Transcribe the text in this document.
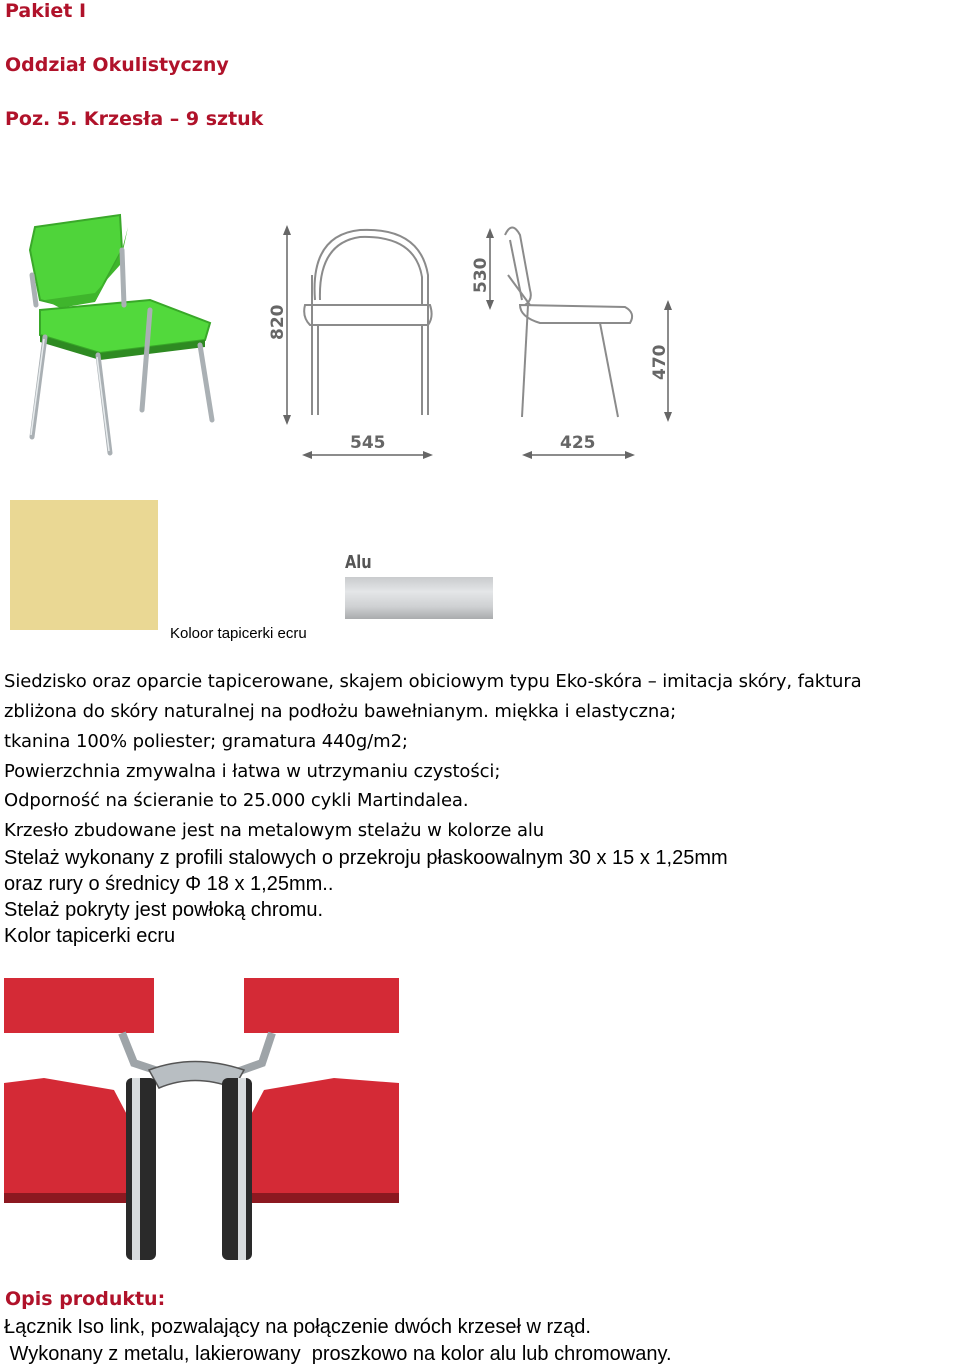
Pakiet I
Oddział Okulistyczny
Poz. 5. Krzesła – 9 sztuk
820
545
530
425
470
Alu
Koloor tapicerki ecru
Siedzisko oraz oparcie tapicerowane, skajem obiciowym typu Eko-skóra – imitacja skóry, faktura
zbliżona do skóry naturalnej na podłożu bawełnianym. miękka i elastyczna;
tkanina 100% poliester; gramatura 440g/m2;
Powierzchnia zmywalna i łatwa w utrzymaniu czystości;
Odporność na ścieranie to 25.000 cykli Martindalea.
Krzesło zbudowane jest na metalowym stelażu w kolorze alu
Stelaż wykonany z profili stalowych o przekroju płaskoowalnym 30 x 15 x 1,25mm
oraz rury o średnicy Φ 18 x 1,25mm..
Stelaż pokryty jest powłoką chromu.
Kolor tapicerki ecru
Opis produktu:
Łącznik Iso link, pozwalający na połączenie dwóch krzeseł w rząd.
Wykonany z metalu, lakierowany  proszkowo na kolor alu lub chromowany.
